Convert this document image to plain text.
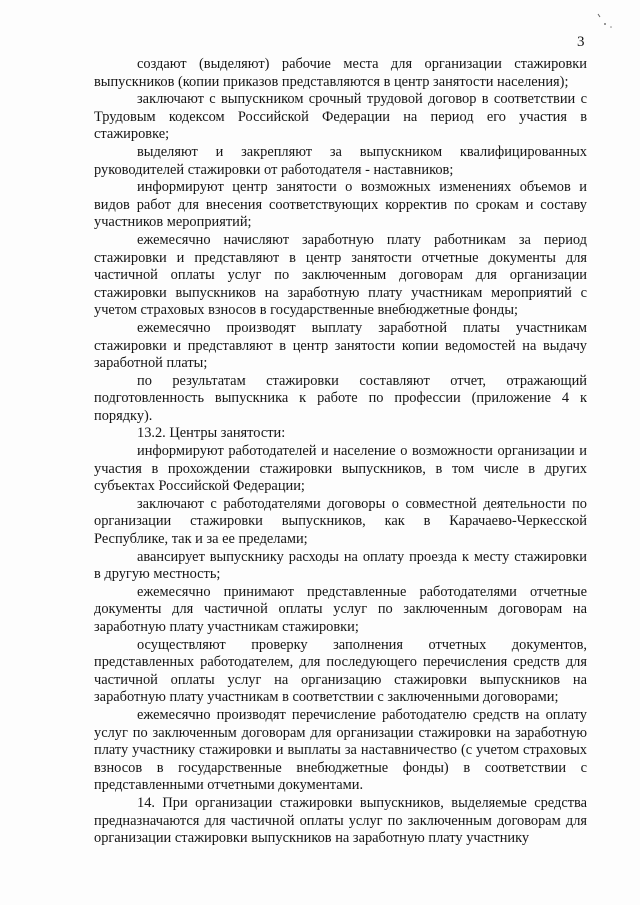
3

создают (выделяют) рабочие места для организации стажировки выпускников (копии приказов представляются в центр занятости населения);

заключают с выпускником срочный трудовой договор в соответствии с Трудовым кодексом Российской Федерации на период его участия в стажировке;

выделяют и закрепляют за выпускником квалифицированных руководителей стажировки от работодателя - наставников;

информируют центр занятости о возможных изменениях объемов и видов работ для внесения соответствующих корректив по срокам и составу участников мероприятий;

ежемесячно начисляют заработную плату работникам за период стажировки и представляют в центр занятости отчетные документы для частичной оплаты услуг по заключенным договорам для организации стажировки выпускников на заработную плату участникам мероприятий с учетом страховых взносов в государственные внебюджетные фонды;

ежемесячно производят выплату заработной платы участникам стажировки и представляют в центр занятости копии ведомостей на выдачу заработной платы;

по результатам стажировки составляют отчет, отражающий подготовленность выпускника к работе по профессии (приложение 4 к порядку).

13.2. Центры занятости:

информируют работодателей и население о возможности организации и участия в прохождении стажировки выпускников, в том числе в других субъектах Российской Федерации;

заключают с работодателями договоры о совместной деятельности по организации стажировки выпускников, как в Карачаево-Черкесской Республике, так и за ее пределами;

авансирует выпускнику расходы на оплату проезда к месту стажировки в другую местность;

ежемесячно принимают представленные работодателями отчетные документы для частичной оплаты услуг по заключенным договорам на заработную плату участникам стажировки;

осуществляют проверку заполнения отчетных документов, представленных работодателем, для последующего перечисления средств для частичной оплаты услуг на организацию стажировки выпускников на заработную плату участникам в соответствии с заключенными договорами;

ежемесячно производят перечисление работодателю средств на оплату услуг по заключенным договорам для организации стажировки на заработную плату участнику стажировки и выплаты за наставничество (с учетом страховых взносов в государственные внебюджетные фонды) в соответствии с представленными отчетными документами.

14. При организации стажировки выпускников, выделяемые средства предназначаются для частичной оплаты услуг по заключенным договорам для организации стажировки выпускников на заработную плату участнику
